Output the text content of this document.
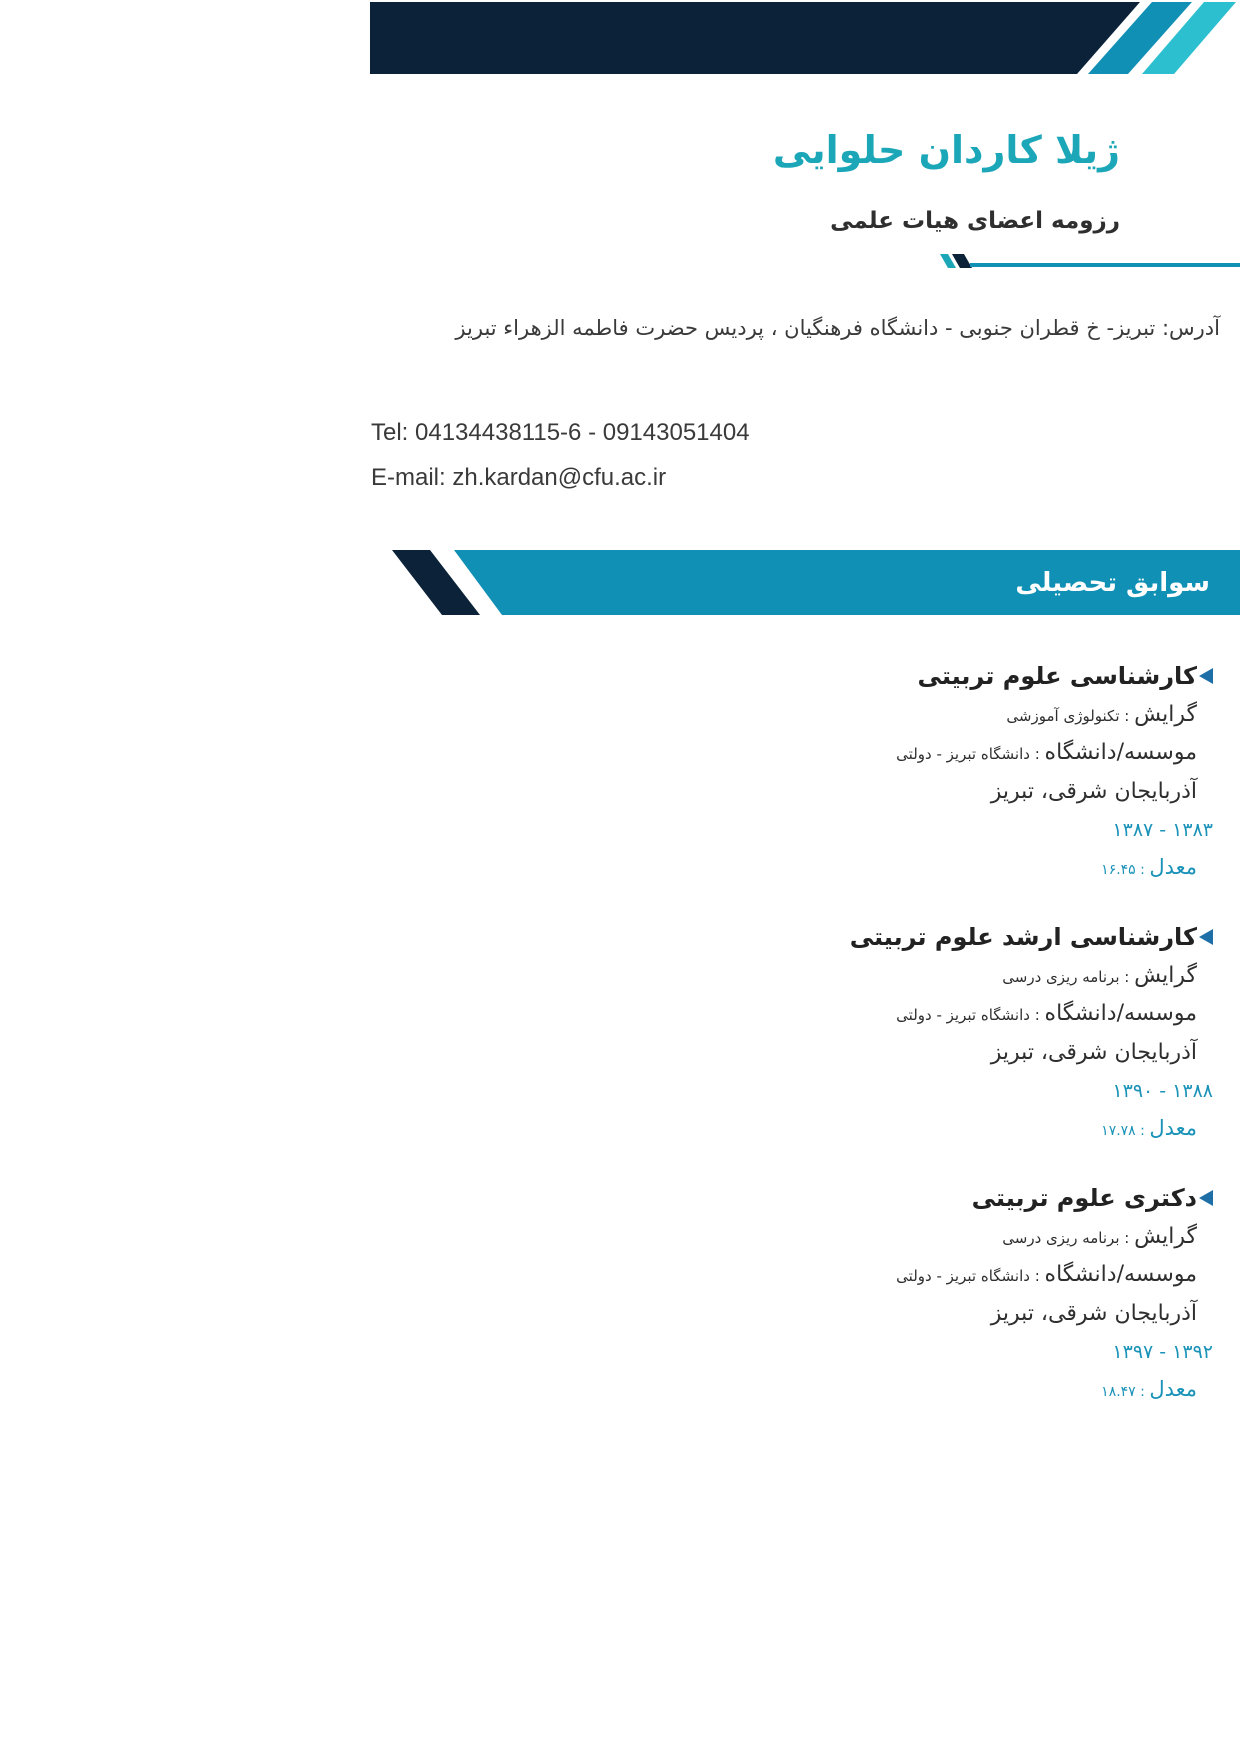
ژیلا کاردان حلوایی
رزومه اعضای هیات علمی
آدرس: تبریز- خ قطران جنوبی - دانشگاه فرهنگیان ، پردیس حضرت فاطمه الزهراء تبریز
Tel: 04134438115-6 - 09143051404
E-mail: zh.kardan@cfu.ac.ir
سوابق تحصیلی
کارشناسی علوم تربیتی
گرایش : تکنولوژی آموزشی
موسسه/دانشگاه : دانشگاه تبریز - دولتی
آذربایجان شرقی، تبریز
۱۳۸۳ - ۱۳۸۷
معدل : ۱۶.۴۵
کارشناسی ارشد علوم تربیتی
گرایش : برنامه ریزی درسی
موسسه/دانشگاه : دانشگاه تبریز - دولتی
آذربایجان شرقی، تبریز
۱۳۸۸ - ۱۳۹۰
معدل : ۱۷.۷۸
دکتری علوم تربیتی
گرایش : برنامه ریزی درسی
موسسه/دانشگاه : دانشگاه تبریز - دولتی
آذربایجان شرقی، تبریز
۱۳۹۲ - ۱۳۹۷
معدل : ۱۸.۴۷
